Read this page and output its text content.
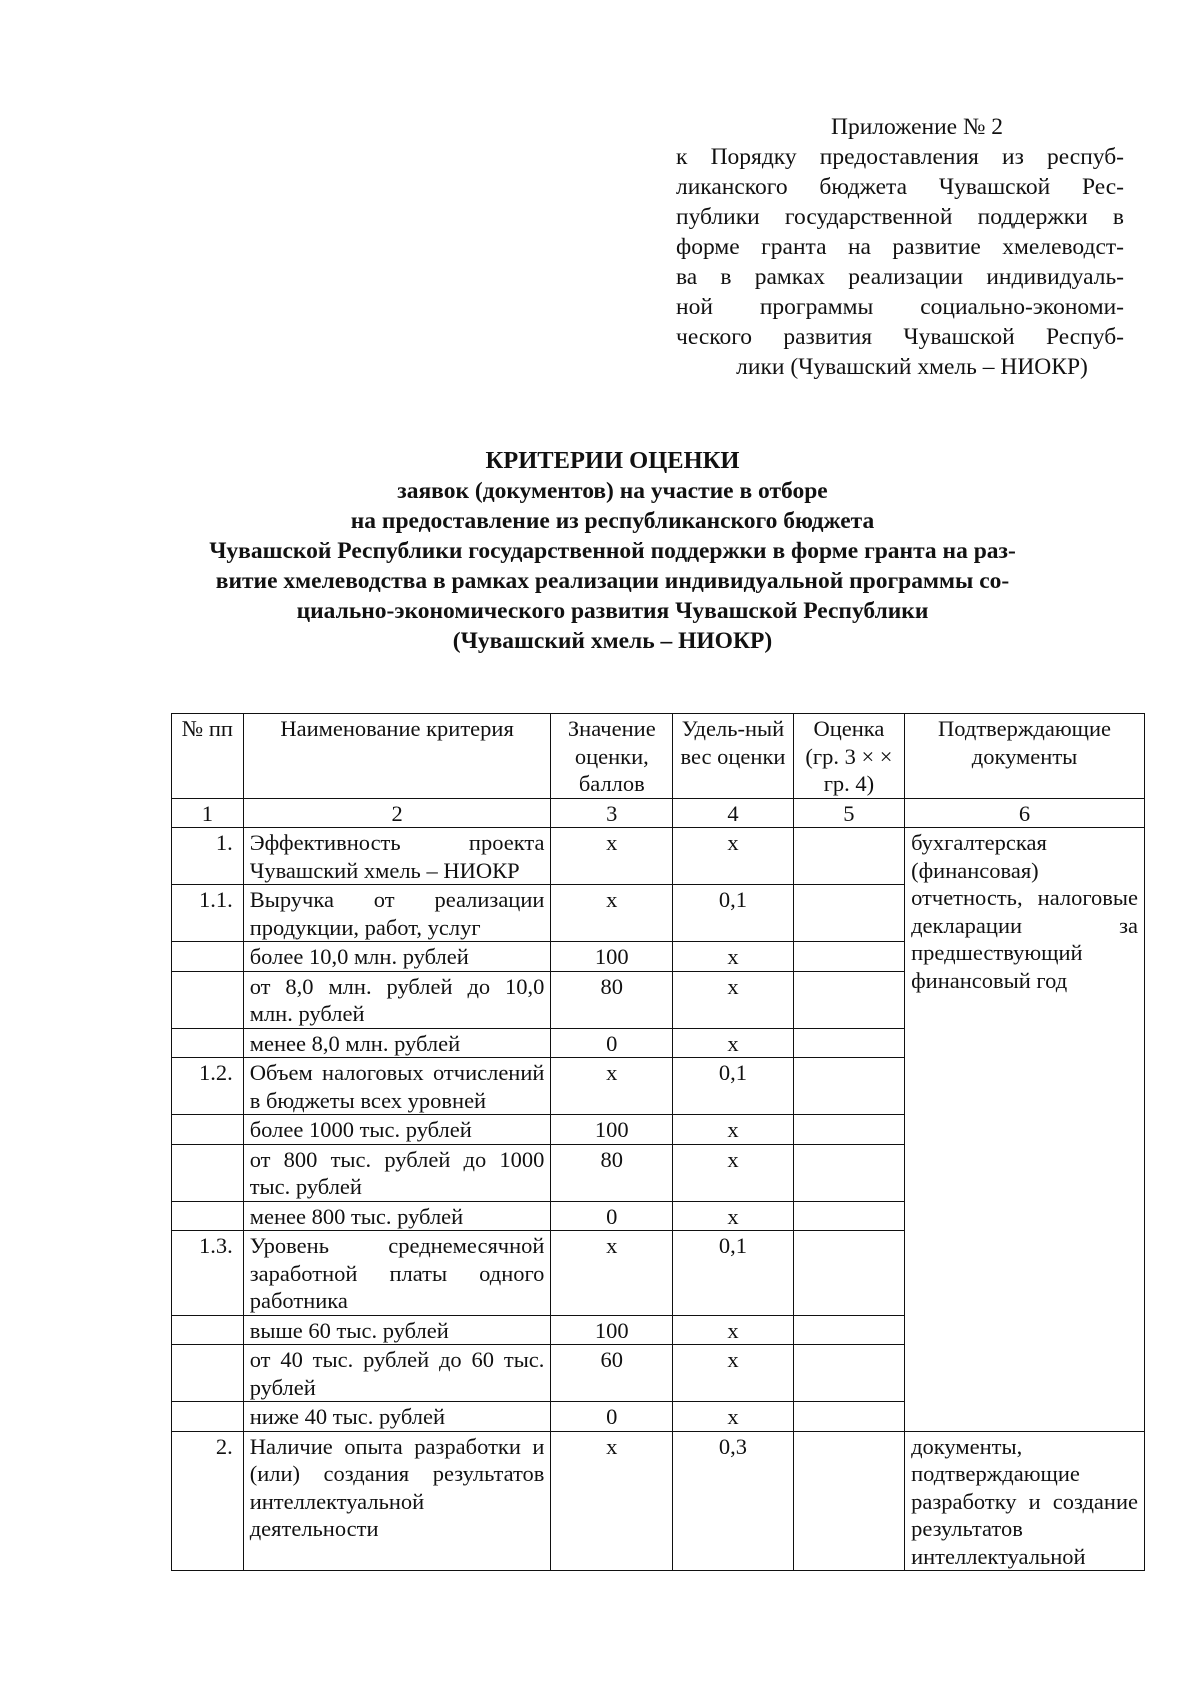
Приложение № 2
к Порядку предоставления из респуб-
ликанского бюджета Чувашской Рес-
публики государственной поддержки в
форме гранта на развитие хмелеводст-
ва в рамках реализации индивидуаль-
ной программы социально-экономи-
ческого развития Чувашской Респуб-
лики (Чувашский хмель – НИОКР)
КРИТЕРИИ ОЦЕНКИ
заявок (документов) на участие в отборе
на предоставление из республиканского бюджета
Чувашской Республики государственной поддержки в форме гранта на раз-
витие хмелеводства в рамках реализации индивидуальной программы со-
циально-экономического развития Чувашской Республики
(Чувашский хмель – НИОКР)
№ пп	Наименование критерия	Значение оценки, баллов	Удель-ный вес оценки	Оценка (гр. 3 × × гр. 4)	Подтверждающие документы
1	2	3	4	5	6
1.	Эффективность проекта Чувашский хмель – НИОКР	х	х		бухгалтерская (финансовая) отчетность, налоговые декларации за предшествующий финансовый год
1.1.	Выручка от реализации продукции, работ, услуг	х	0,1		
	более 10,0 млн. рублей	100	х		
	от 8,0 млн. рублей до 10,0 млн. рублей	80	х		
	менее 8,0 млн. рублей	0	х		
1.2.	Объем налоговых отчислений в бюджеты всех уровней	х	0,1		
	более 1000 тыс. рублей	100	х		
	от 800 тыс. рублей до 1000 тыс. рублей	80	х		
	менее 800 тыс. рублей	0	х		
1.3.	Уровень среднемесячной заработной платы одного работника	х	0,1		
	выше 60 тыс. рублей	100	х		
	от 40 тыс. рублей до 60 тыс. рублей	60	х		
	ниже 40 тыс. рублей	0	х		
2.	Наличие опыта разработки и (или) создания результатов интеллектуальной деятельности	х	0,3		документы, подтверждающие разработку и создание результатов интеллектуальной
